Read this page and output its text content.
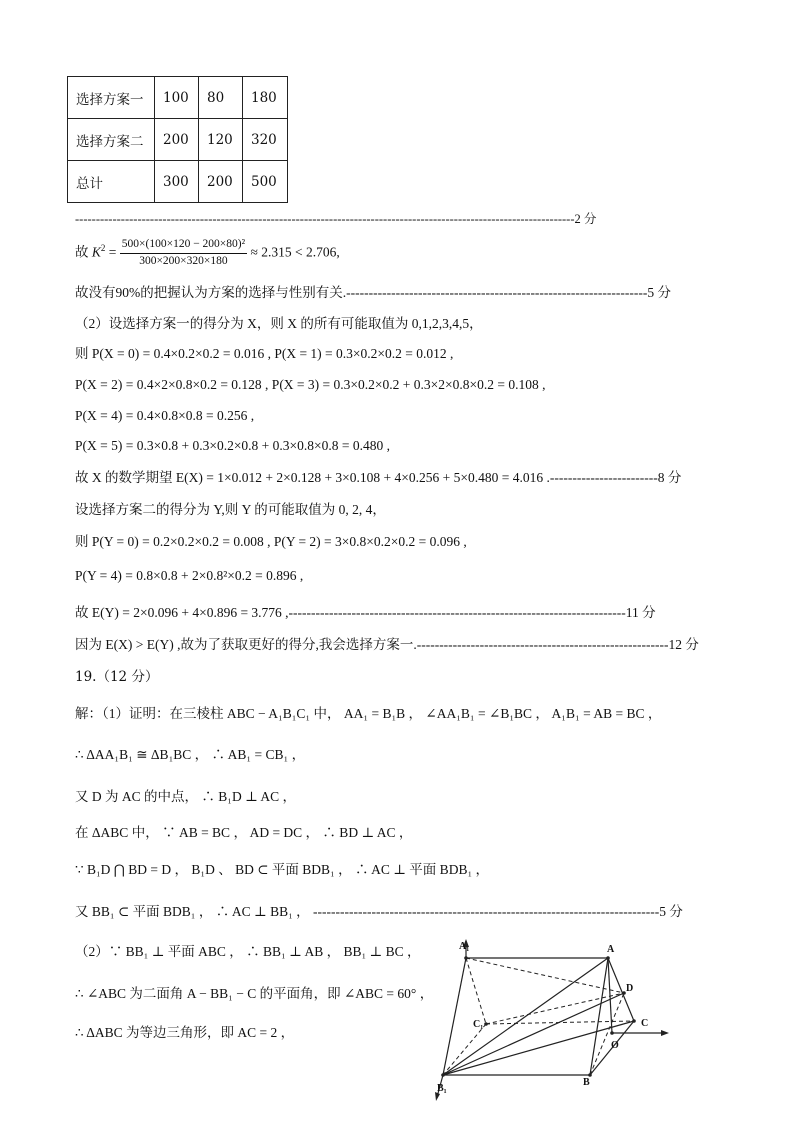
选择方案一	100	80	180
选择方案二	200	120	320
总计	300	200	500
------------------------------------------------------------------------------------------------------------------------2 分
故 $K^2 = \frac{\text{500×(100×120 − 200×80)²}}{300\times 200\times 320\times 180} \approx 2.315 < 2.706$,
故没有90%的把握认为方案的选择与性别有关.-------------------------------------------------------------------5 分
（2）设选择方案一的得分为 X，则 X 的所有可能取值为 0,1,2,3,4,5，
则 P(X = 0) = 0.4×0.2×0.2 = 0.016 , P(X = 1) = 0.3×0.2×0.2 = 0.012 ,
P(X = 2) = 0.4×2×0.8×0.2 = 0.128 , P(X = 3) = 0.3×0.2×0.2 + 0.3×2×0.8×0.2 = 0.108 ,
P(X = 4) = 0.4×0.8×0.8 = 0.256 ,
P(X = 5) = 0.3×0.8 + 0.3×0.2×0.8 + 0.3×0.8×0.8 = 0.480 ,
故 X 的数学期望 E(X) = 1×0.012 + 2×0.128 + 3×0.108 + 4×0.256 + 5×0.480 = 4.016 .------------------------8 分
设选择方案二的得分为 Y,则 Y 的可能取值为 0, 2, 4，
则 P(Y = 0) = 0.2×0.2×0.2 = 0.008 , P(Y = 2) = 3×0.8×0.2×0.2 = 0.096 ,
P(Y = 4) = 0.8×0.8 + 2×0.8²×0.2 = 0.896 ,
故 E(Y) = 2×0.096 + 4×0.896 = 3.776 ,---------------------------------------------------------------------------11 分
因为 E(X) > E(Y) ,故为了获取更好的得分,我会选择方案一.--------------------------------------------------------12 分
19.（12 分）
解：（1）证明：在三棱柱 ABC − A₁B₁C₁ 中， AA₁ = B₁B ， ∠AA₁B₁ = ∠B₁BC ， A₁B₁ = AB = BC ，
∴ ΔAA₁B₁ ≅ ΔB₁BC ， ∴ AB₁ = CB₁ ，
又 D 为 AC 的中点， ∴ B₁D ⊥ AC ，
在 ΔABC 中， ∵ AB = BC ， AD = DC ， ∴ BD ⊥ AC ，
∵ B₁D ⋂ BD = D ， B₁D 、 BD ⊂ 平面 BDB₁ ， ∴ AC ⊥ 平面 BDB₁ ，
又 BB₁ ⊂ 平面 BDB₁ ， ∴ AC ⊥ BB₁ ， -----------------------------------------------------------------------------5 分
（2）∵ BB₁ ⊥ 平面 ABC ， ∴ BB₁ ⊥ AB ， BB₁ ⊥ BC ，
∴ ∠ABC 为二面角 A − BB₁ − C 的平面角，即 ∠ABC = 60° ，
∴ ΔABC 为等边三角形，即 AC = 2 ，
A₁	A
D
C₁	C
O
B₁
B
